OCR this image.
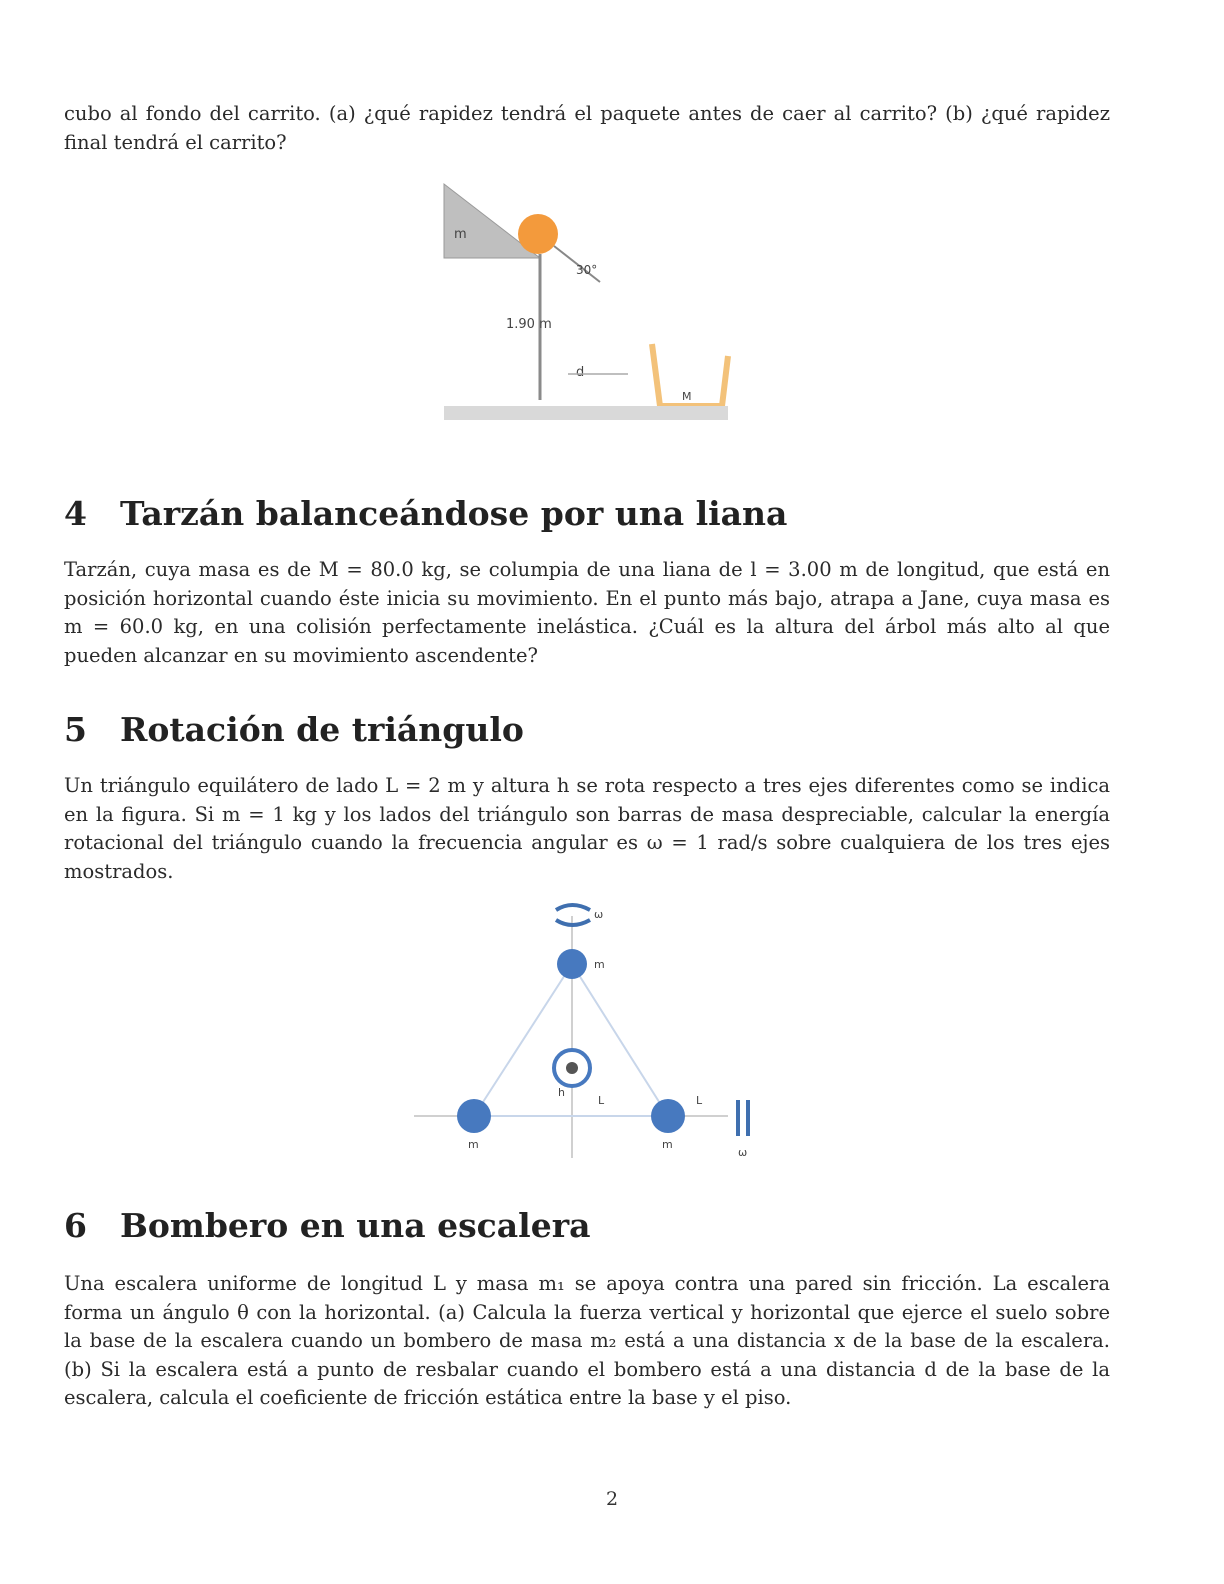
cubo al fondo del carrito. (a) ¿qué rapidez tendrá el paquete antes de caer al carrito? (b) ¿qué rapidez final tendrá el carrito?

m
30°
1.90 m
d
M
4 Tarzán balanceándose por una liana

Tarzán, cuya masa es de M = 80.0 kg, se columpia de una liana de l = 3.00 m de longitud, que está en posición horizontal cuando éste inicia su movimiento. En el punto más bajo, atrapa a Jane, cuya masa es m = 60.0 kg, en una colisión perfectamente inelástica. ¿Cuál es la altura del árbol más alto al que pueden alcanzar en su movimiento ascendente?

5 Rotación de triángulo

Un triángulo equilátero de lado L = 2 m y altura h se rota respecto a tres ejes diferentes como se indica en la figura. Si m = 1 kg y los lados del triángulo son barras de masa despreciable, calcular la energía rotacional del triángulo cuando la frecuencia angular es ω = 1 rad/s sobre cualquiera de los tres ejes mostrados.

ω
m
m	m
h
L	L
ω
6 Bombero en una escalera

Una escalera uniforme de longitud L y masa m₁ se apoya contra una pared sin fricción. La escalera forma un ángulo θ con la horizontal. (a) Calcula la fuerza vertical y horizontal que ejerce el suelo sobre la base de la escalera cuando un bombero de masa m₂ está a una distancia x de la base de la escalera. (b) Si la escalera está a punto de resbalar cuando el bombero está a una distancia d de la base de la escalera, calcula el coeficiente de fricción estática entre la base y el piso.

2
